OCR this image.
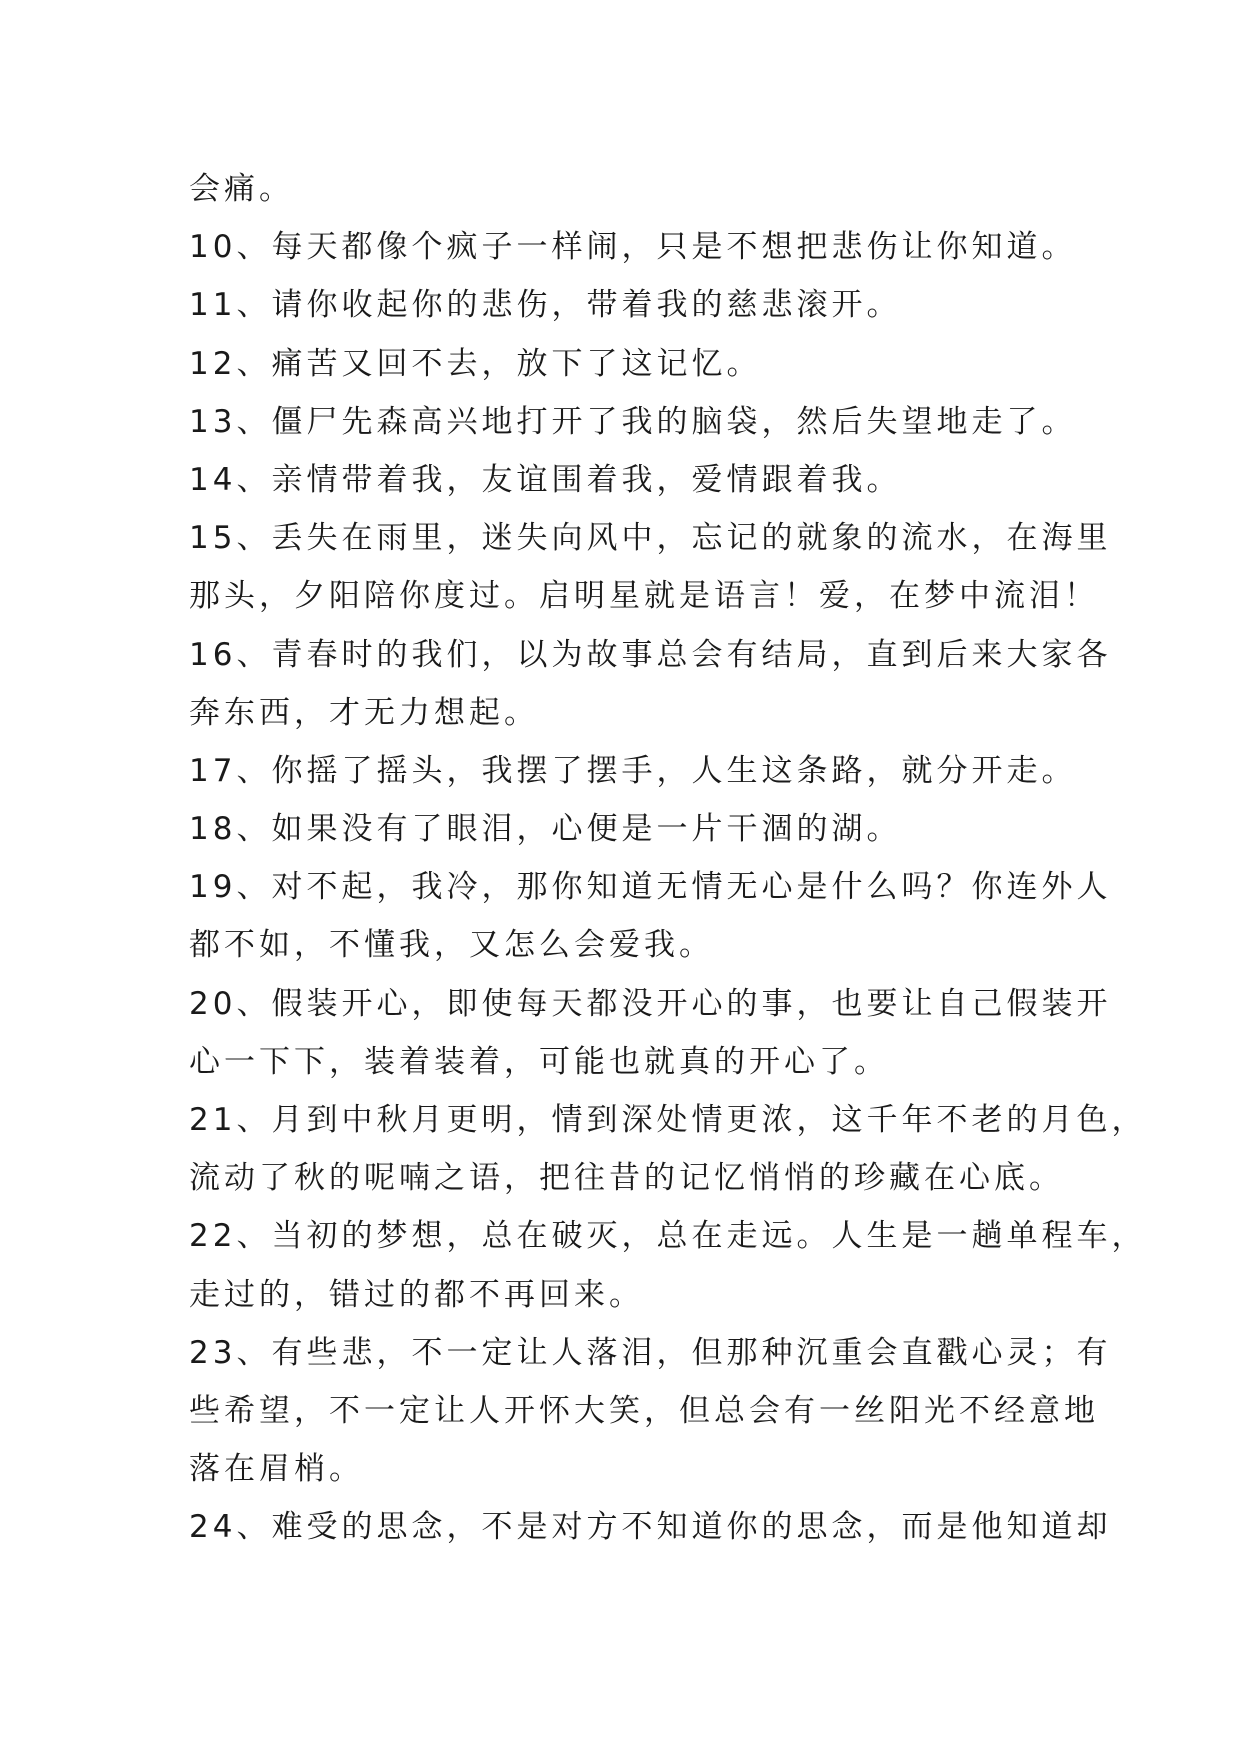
会痛。
10、每天都像个疯子一样闹，只是不想把悲伤让你知道。
11、请你收起你的悲伤，带着我的慈悲滚开。
12、痛苦又回不去，放下了这记忆。
13、僵尸先森高兴地打开了我的脑袋，然后失望地走了。
14、亲情带着我，友谊围着我，爱情跟着我。
15、丢失在雨里，迷失向风中，忘记的就象的流水，在海里
那头，夕阳陪你度过。启明星就是语言！爱，在梦中流泪！
16、青春时的我们，以为故事总会有结局，直到后来大家各
奔东西，才无力想起。
17、你摇了摇头，我摆了摆手，人生这条路，就分开走。
18、如果没有了眼泪，心便是一片干涸的湖。
19、对不起，我冷，那你知道无情无心是什么吗？你连外人
都不如，不懂我，又怎么会爱我。
20、假装开心，即使每天都没开心的事，也要让自己假装开
心一下下，装着装着，可能也就真的开心了。
21、月到中秋月更明，情到深处情更浓，这千年不老的月色，
流动了秋的呢喃之语，把往昔的记忆悄悄的珍藏在心底。
22、当初的梦想，总在破灭，总在走远。人生是一趟单程车，
走过的，错过的都不再回来。
23、有些悲，不一定让人落泪，但那种沉重会直戳心灵；有
些希望，不一定让人开怀大笑，但总会有一丝阳光不经意地
落在眉梢。
24、难受的思念，不是对方不知道你的思念，而是他知道却
